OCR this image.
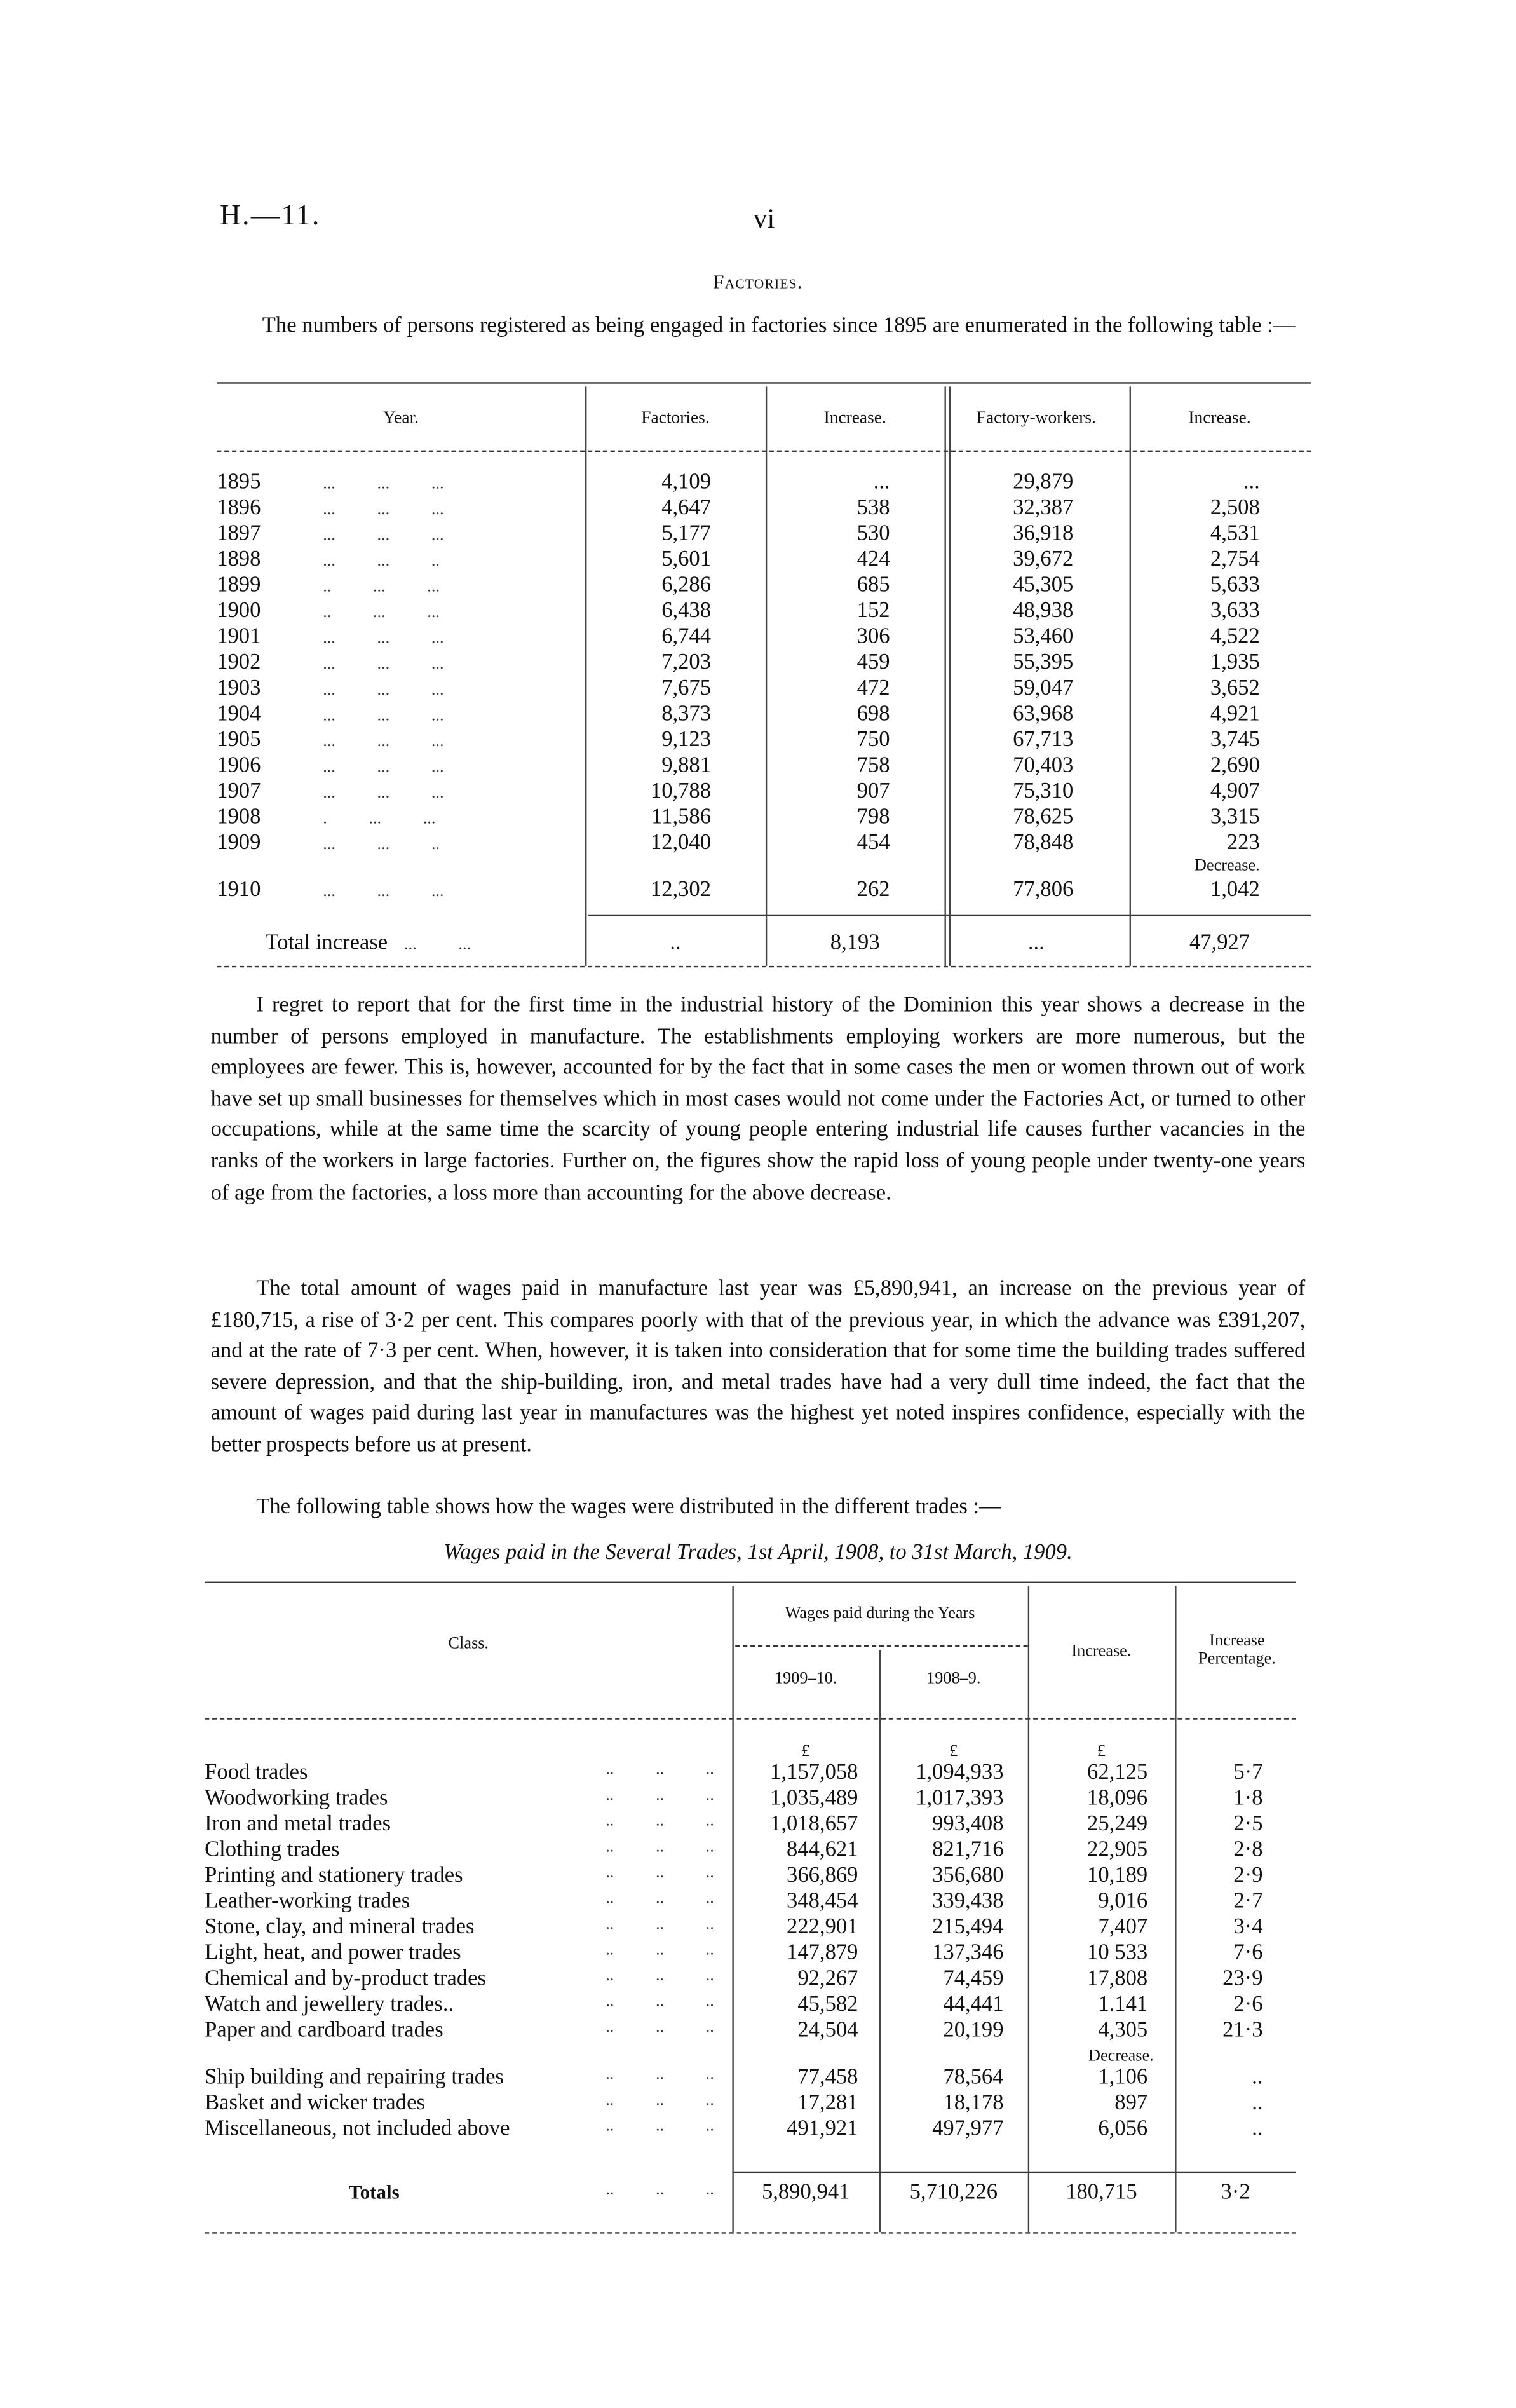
H.—11.	vi
Factories.

The numbers of persons registered as being engaged in factories since 1895 are enumerated in the following table :—

Year.	Factories.	Increase.	Factory-workers.	Increase.

1895 ...          ...          ...	4,109	...	29,879	...
1896 ...          ...          ...	4,647	538	32,387	2,508
1897 ...          ...          ...	5,177	530	36,918	4,531
1898 ...          ...          ..	5,601	424	39,672	2,754
1899 ..          ...          ...	6,286	685	45,305	5,633
1900 ..          ...          ...	6,438	152	48,938	3,633
1901 ...          ...          ...	6,744	306	53,460	4,522
1902 ...          ...          ...	7,203	459	55,395	1,935
1903 ...          ...          ...	7,675	472	59,047	3,652
1904 ...          ...          ...	8,373	698	63,968	4,921
1905 ...          ...          ...	9,123	750	67,713	3,745
1906 ...          ...          ...	9,881	758	70,403	2,690
1907 ...          ...          ...	10,788	907	75,310	4,907
1908 .          ...          ...	11,586	798	78,625	3,315
1909 ...          ...          ..	12,040	454	78,848	223
				Decrease.
1910 ...          ...          ...	12,302	262	77,806	1,042

Total increase ...          ...	..	8,193	...	47,927

I regret to report that for the first time in the industrial history of the Dominion this year shows a decrease in the number of persons employed in manufacture. The establishments employing workers are more numerous, but the employees are fewer. This is, however, accounted for by the fact that in some cases the men or women thrown out of work have set up small businesses for themselves which in most cases would not come under the Factories Act, or turned to other occupations, while at the same time the scarcity of young people entering industrial life causes further vacancies in the ranks of the workers in large factories. Further on, the figures show the rapid loss of young people under twenty-one years of age from the factories, a loss more than accounting for the above decrease.

The total amount of wages paid in manufacture last year was £5,890,941, an increase on the previous year of £180,715, a rise of 3·2 per cent. This compares poorly with that of the previous year, in which the advance was £391,207, and at the rate of 7·3 per cent. When, however, it is taken into consideration that for some time the building trades suffered severe depression, and that the ship-building, iron, and metal trades have had a very dull time indeed, the fact that the amount of wages paid during last year in manufactures was the highest yet noted inspires confidence, especially with the better prospects before us at present.

The following table shows how the wages were distributed in the different trades :—

Wages paid in the Several Trades, 1st April, 1908, to 31st March, 1909.
Class.
Wages paid during the Years
1909–10.	1908–9.
Increase.
Increase Percentage.
	£	£	£	
Food trades ..          ..          ..	1,157,058	1,094,933	62,125	5·7
Woodworking trades ..          ..          ..	1,035,489	1,017,393	18,096	1·8
Iron and metal trades ..          ..          ..	1,018,657	993,408	25,249	2·5
Clothing trades ..          ..          ..	844,621	821,716	22,905	2·8
Printing and stationery trades ..          ..          ..	366,869	356,680	10,189	2·9
Leather-working trades ..          ..          ..	348,454	339,438	9,016	2·7
Stone, clay, and mineral trades ..          ..          ..	222,901	215,494	7,407	3·4
Light, heat, and power trades ..          ..          ..	147,879	137,346	10 533	7·6
Chemical and by-product trades ..          ..          ..	92,267	74,459	17,808	23·9
Watch and jewellery trades.. ..          ..          ..	45,582	44,441	1.141	2·6
Paper and cardboard trades ..          ..          ..	24,504	20,199	4,305	21·3
			Decrease.	
Ship building and repairing trades ..          ..          ..	77,458	78,564	1,106	..
Basket and wicker trades ..          ..          ..	17,281	18,178	897	..
Miscellaneous, not included above ..          ..          ..	491,921	497,977	6,056	..

Totals ..          ..          ..	5,890,941	5,710,226	180,715	3·2
